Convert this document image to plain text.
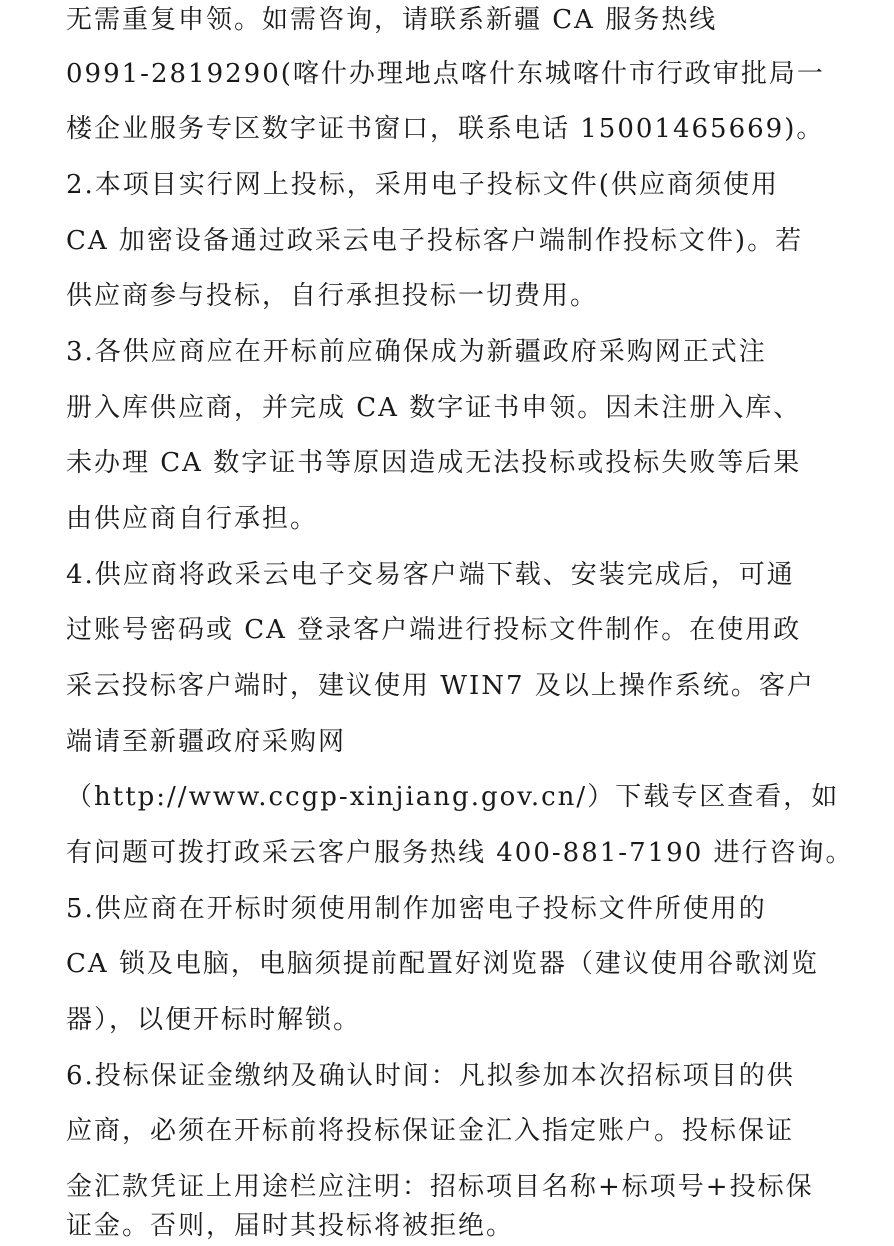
无需重复申领。如需咨询，请联系新疆 CA 服务热线
0991-2819290(喀什办理地点喀什东城喀什市行政审批局一
楼企业服务专区数字证书窗口，联系电话 15001465669)。
2.本项目实行网上投标，采用电子投标文件(供应商须使用
CA 加密设备通过政采云电子投标客户端制作投标文件)。若
供应商参与投标，自行承担投标一切费用。
3.各供应商应在开标前应确保成为新疆政府采购网正式注
册入库供应商，并完成 CA 数字证书申领。因未注册入库、
未办理 CA 数字证书等原因造成无法投标或投标失败等后果
由供应商自行承担。
4.供应商将政采云电子交易客户端下载、安装完成后，可通
过账号密码或 CA 登录客户端进行投标文件制作。在使用政
采云投标客户端时，建议使用 WIN7 及以上操作系统。客户
端请至新疆政府采购网
（http://www.ccgp-xinjiang.gov.cn/）下载专区查看，如
有问题可拨打政采云客户服务热线 400-881-7190 进行咨询。
5.供应商在开标时须使用制作加密电子投标文件所使用的
CA 锁及电脑，电脑须提前配置好浏览器（建议使用谷歌浏览
器），以便开标时解锁。
6.投标保证金缴纳及确认时间：凡拟参加本次招标项目的供
应商，必须在开标前将投标保证金汇入指定账户。投标保证
金汇款凭证上用途栏应注明：招标项目名称+标项号+投标保
证金。否则，届时其投标将被拒绝。
